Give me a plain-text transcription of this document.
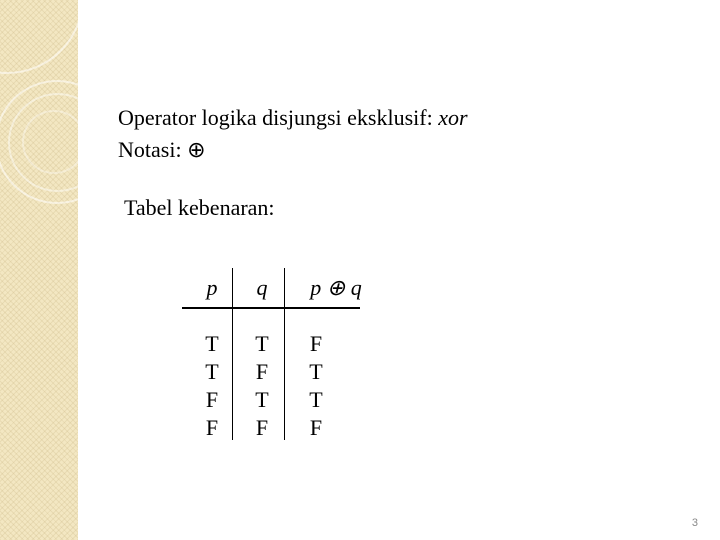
Operator logika disjungsi eksklusif: xor
Notasi: ⊕
Tabel kebenaran:
p	q	p ⊕ q
T	T	F
T	F	T
F	T	T
F	F	F
3
